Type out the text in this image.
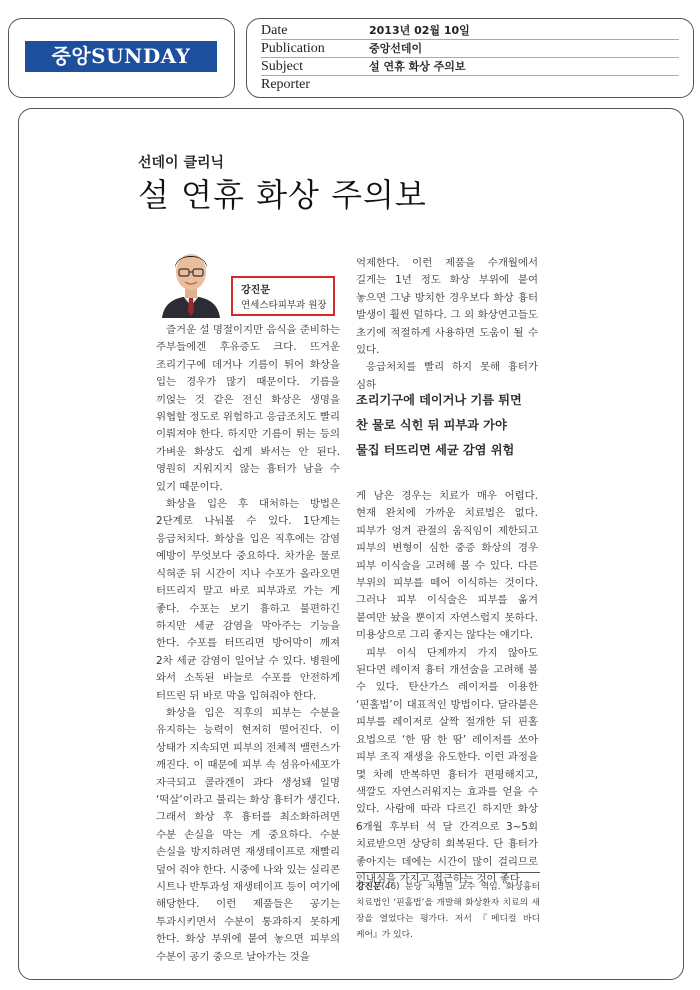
중앙SUNDAY
Date	2013년 02월 10일
Publication	중앙선데이
Subject	설 연휴 화상 주의보
Reporter
선데이 클리닉
설 연휴 화상 주의보
강진문
연세스타피부과 원장

즐거운 설 명절이지만 음식을 준비하는 주부들에겐 후유증도 크다. 뜨거운 조리기구에 데거나 기름이 튀어 화상을 입는 경우가 많기 때문이다. 기름을 끼얹는 것 같은 전신 화상은 생명을 위협할 정도로 위험하고 응급조치도 빨리 이뤄져야 한다. 하지만 기름이 튀는 등의 가벼운 화상도 쉽게 봐서는 안 된다. 영원히 지워지지 않는 흉터가 남을 수 있기 때문이다.

화상을 입은 후 대처하는 방법은 2단계로 나눠볼 수 있다. 1단계는 응급처치다. 화상을 입은 직후에는 감염 예방이 무엇보다 중요하다. 차가운 물로 식혀준 뒤 시간이 지나 수포가 올라오면 터뜨리지 말고 바로 피부과로 가는 게 좋다. 수포는 보기 흉하고 불편하긴 하지만 세균 감염을 막아주는 기능을 한다. 수포를 터뜨리면 방어막이 깨져 2차 세균 감염이 일어날 수 있다. 병원에 와서 소독된 바늘로 수포를 안전하게 터뜨린 뒤 바로 막을 입혀줘야 한다.

화상을 입은 직후의 피부는 수분을 유지하는 능력이 현저히 떨어진다. 이 상태가 지속되면 피부의 전체적 밸런스가 깨진다. 이 때문에 피부 속 섬유아세포가 자극되고 콜라겐이 과다 생성돼 일명 ‘떡살’이라고 불리는 화상 흉터가 생긴다. 그래서 화상 후 흉터를 최소화하려면 수분 손실을 막는 게 중요하다. 수분 손실을 방지하려면 재생테이프로 재빨리 덮어 줘야 한다. 시중에 나와 있는 실리콘 시트나 반투과성 재생테이프 등이 여기에 해당한다. 이런 제품들은 공기는 투과시키면서 수분이 통과하지 못하게 한다. 화상 부위에 붙여 놓으면 피부의 수분이 공기 중으로 날아가는 것을

억제한다. 이런 제품을 수개월에서 길게는 1년 정도 화상 부위에 붙여 놓으면 그냥 방치한 경우보다 화상 흉터 발생이 훨씬 덜하다. 그 외 화상연고들도 초기에 적절하게 사용하면 도움이 될 수 있다.

응급처치를 빨리 하지 못해 흉터가 심하

조리기구에 데이거나 기름 튀면
찬 물로 식힌 뒤 피부과 가야
물집 터뜨리면 세균 감염 위험

게 남은 경우는 치료가 매우 어렵다. 현재 완치에 가까운 치료법은 없다. 피부가 엉겨 관절의 움직임이 제한되고 피부의 변형이 심한 중증 화상의 경우 피부 이식술을 고려해 볼 수 있다. 다른 부위의 피부를 떼어 이식하는 것이다. 그러나 피부 이식술은 피부를 옮겨 붙여만 놨을 뿐이지 자연스럽지 못하다. 미용상으로 그리 좋지는 않다는 얘기다.

피부 이식 단계까지 가지 않아도 된다면 레이저 흉터 개선술을 고려해 볼 수 있다. 탄산가스 레이저를 이용한 ‘핀홀법’이 대표적인 방법이다. 달라붙은 피부를 레이저로 살짝 절개한 뒤 핀홀 요법으로 ‘한 땀 한 땀’ 레이저를 쏘아 피부 조직 재생을 유도한다. 이런 과정을 몇 차례 반복하면 흉터가 편평해지고, 색깔도 자연스러워지는 효과를 얻을 수 있다. 사람에 따라 다르긴 하지만 화상 6개월 후부터 석 달 간격으로 3~5회 치료받으면 상당히 회복된다. 단 흉터가 좋아지는 데에는 시간이 많이 걸리므로 인내심을 가지고 접근하는 것이 좋다.

강진문(46) 분당 차병원 교수 역임. 화상흉터 치료법인 ‘핀홀법’을 개발해 화상환자 치료의 새 장을 열었다는 평가다. 저서 『메디컬 바디 케어』가 있다.
